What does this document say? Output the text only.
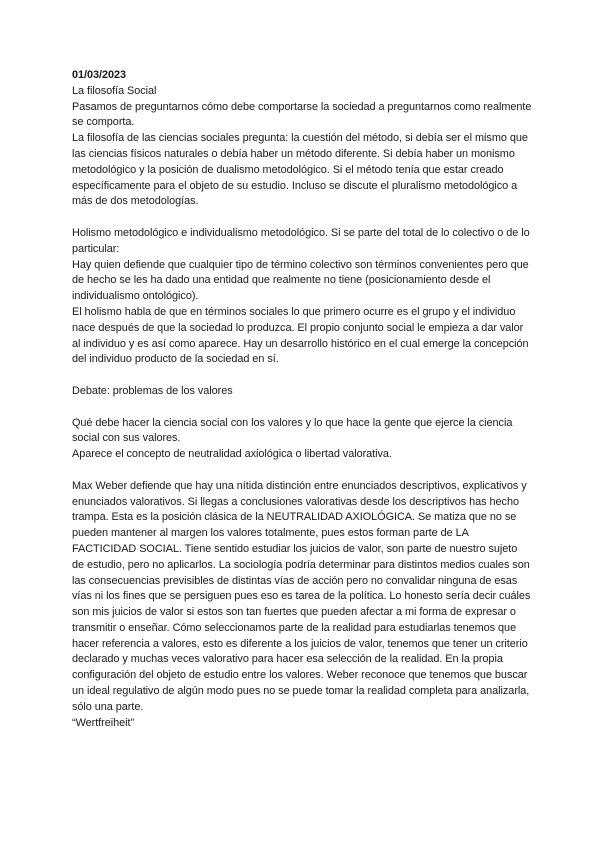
01/03/2023

La filosofía Social

Pasamos de preguntarnos cómo debe comportarse la sociedad a preguntarnos como realmente se comporta.

La filosofía de las ciencias sociales pregunta: la cuestión del método, si debía ser el mismo que las ciencias físicos naturales o debía haber un método diferente. Si debía haber un monismo metodológico y la posición de dualismo metodológico. Si el método tenía que estar creado específicamente para el objeto de su estudio. Incluso se discute el pluralismo metodológico a más de dos metodologías.

Holismo metodológico e individualismo metodológico. Si se parte del total de lo colectivo o de lo particular:

Hay quien defiende que cualquier tipo de término colectivo son términos convenientes pero que de hecho se les ha dado una entidad que realmente no tiene (posicionamiento desde el individualismo ontológico).

El holismo habla de que en términos sociales lo que primero ocurre es el grupo y el individuo nace después de que la sociedad lo produzca. El propio conjunto social le empieza a dar valor al individuo y es así como aparece. Hay un desarrollo histórico en el cual emerge la concepción del individuo producto de la sociedad en sí.

Debate: problemas de los valores

Qué debe hacer la ciencia social con los valores y lo que hace la gente que ejerce la ciencia social con sus valores.

Aparece el concepto de neutralidad axiológica o libertad valorativa.

Max Weber defiende que hay una nítida distinción entre enunciados descriptivos, explicativos y enunciados valorativos. Si llegas a conclusiones valorativas desde los descriptivos has hecho trampa. Esta es la posición clásica de la NEUTRALIDAD AXIOLÓGICA. Se matiza que no se pueden mantener al margen los valores totalmente, pues estos forman parte de LA FACTICIDAD SOCIAL. Tiene sentido estudiar los juicios de valor, son parte de nuestro sujeto de estudio, pero no aplicarlos. La sociología podría determinar para distintos medios cuales son las consecuencias previsibles de distintas vías de acción pero no convalidar ninguna de esas vías ni los fines que se persiguen pues eso es tarea de la política. Lo honesto sería decir cuáles son mis juicios de valor si estos son tan fuertes que pueden afectar a mi forma de expresar o transmitir o enseñar. Cómo seleccionamos parte de la realidad para estudiarlas tenemos que hacer referencia a valores, esto es diferente a los juicios de valor, tenemos que tener un criterio declarado y muchas veces valorativo para hacer esa selección de la realidad. En la propia configuración del objeto de estudio entre los valores. Weber reconoce que tenemos que buscar un ideal regulativo de algún modo pues no se puede tomar la realidad completa para analizarla, sólo una parte.

“Wertfreiheit”
